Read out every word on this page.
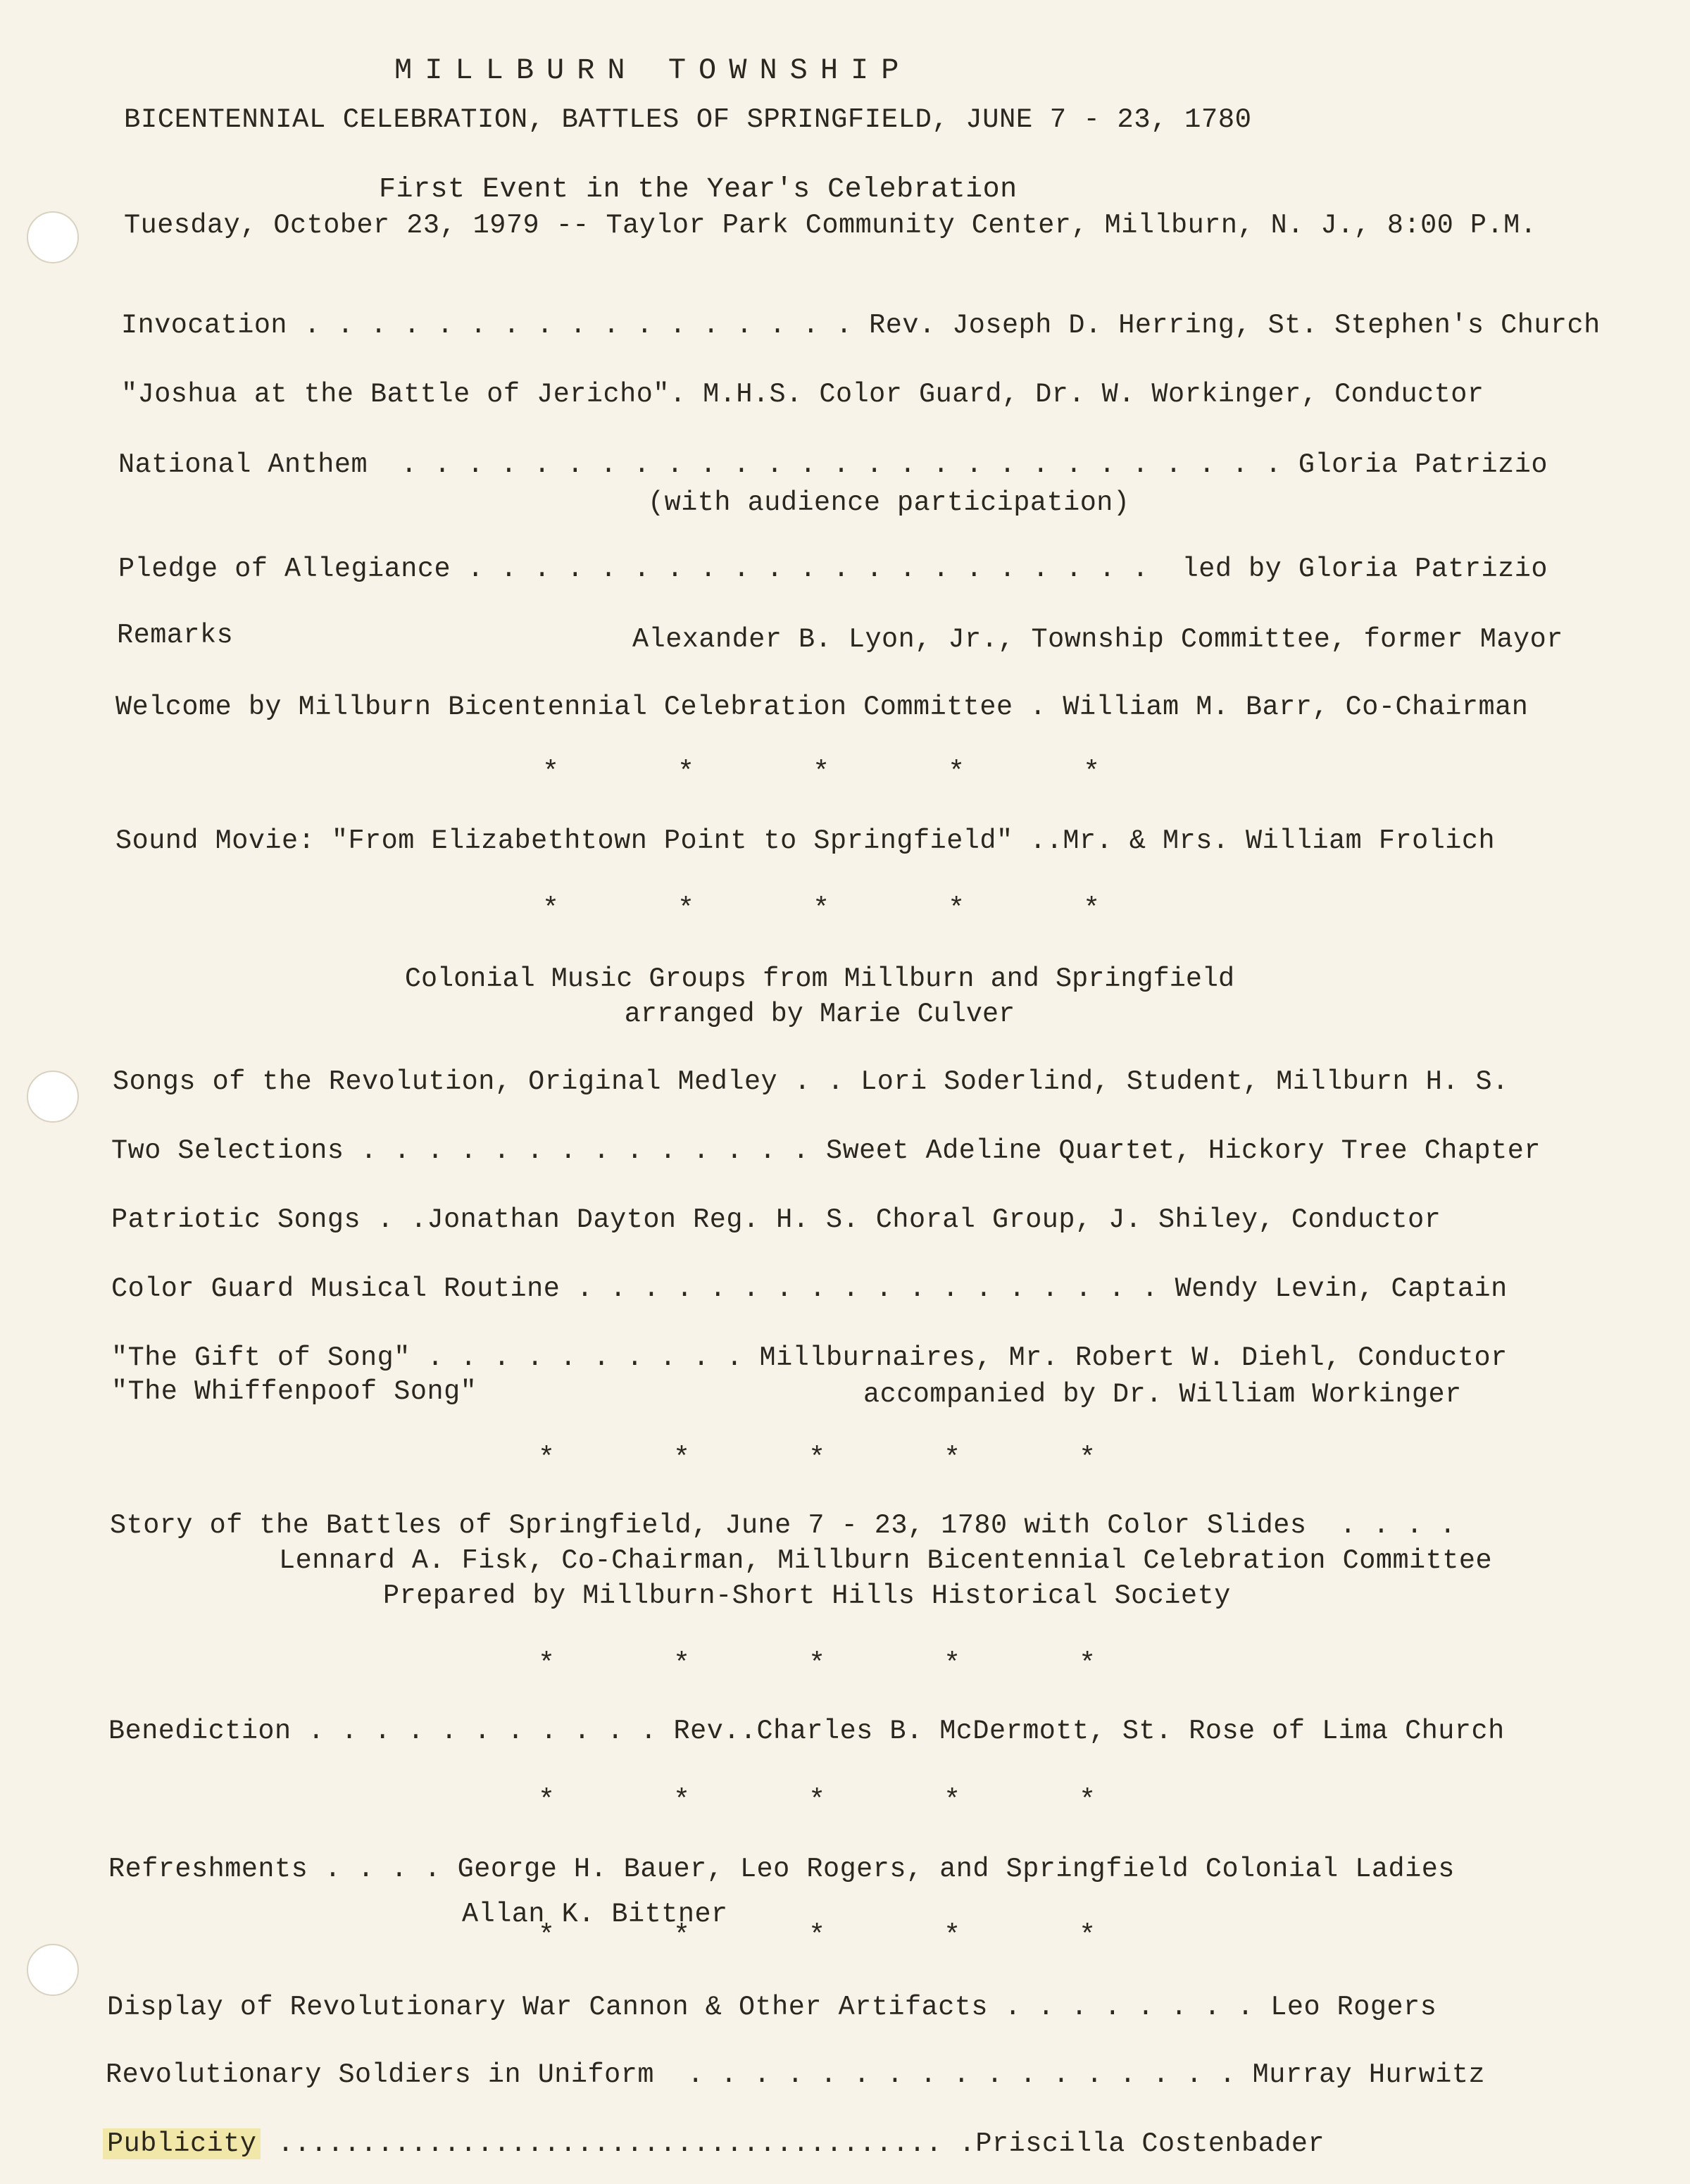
MILLBURN TOWNSHIP
BICENTENNIAL CELEBRATION, BATTLES OF SPRINGFIELD, JUNE 7 - 23, 1780
First Event in the Year's Celebration
Tuesday, October 23, 1979 -- Taylor Park Community Center, Millburn, N. J., 8:00 P.M.
Invocation . . . . . . . . . . . . . . . . . Rev. Joseph D. Herring, St. Stephen's Church
"Joshua at the Battle of Jericho". M.H.S. Color Guard, Dr. W. Workinger, Conductor
National Anthem  . . . . . . . . . . . . . . . . . . . . . . . . . . . Gloria Patrizio
(with audience participation)
Pledge of Allegiance . . . . . . . . . . . . . . . . . . . . .  led by Gloria Patrizio
Remarks	Alexander B. Lyon, Jr., Township Committee, former Mayor
Welcome by Millburn Bicentennial Celebration Committee . William M. Barr, Co-Chairman
*       *       *       *       *
Sound Movie: "From Elizabethtown Point to Springfield" ..Mr. & Mrs. William Frolich
*       *       *       *       *
Colonial Music Groups from Millburn and Springfield
arranged by Marie Culver
Songs of the Revolution, Original Medley . . Lori Soderlind, Student, Millburn H. S.
Two Selections . . . . . . . . . . . . . . Sweet Adeline Quartet, Hickory Tree Chapter
Patriotic Songs . .Jonathan Dayton Reg. H. S. Choral Group, J. Shiley, Conductor
Color Guard Musical Routine . . . . . . . . . . . . . . . . . . Wendy Levin, Captain
"The Gift of Song" . . . . . . . . . . Millburnaires, Mr. Robert W. Diehl, Conductor
"The Whiffenpoof Song"	accompanied by Dr. William Workinger
*       *       *       *       *
Story of the Battles of Springfield, June 7 - 23, 1780 with Color Slides  . . . .
Lennard A. Fisk, Co-Chairman, Millburn Bicentennial Celebration Committee
Prepared by Millburn-Short Hills Historical Society
*       *       *       *       *
Benediction . . . . . . . . . . . Rev..Charles B. McDermott, St. Rose of Lima Church
*       *       *       *       *
Refreshments . . . . George H. Bauer, Leo Rogers, and Springfield Colonial Ladies
Allan K. Bittner
*       *       *       *       *
Display of Revolutionary War Cannon & Other Artifacts . . . . . . . . Leo Rogers
Revolutionary Soldiers in Uniform  . . . . . . . . . . . . . . . . . Murray Hurwitz
Publicity ........................................ .Priscilla Costenbader
